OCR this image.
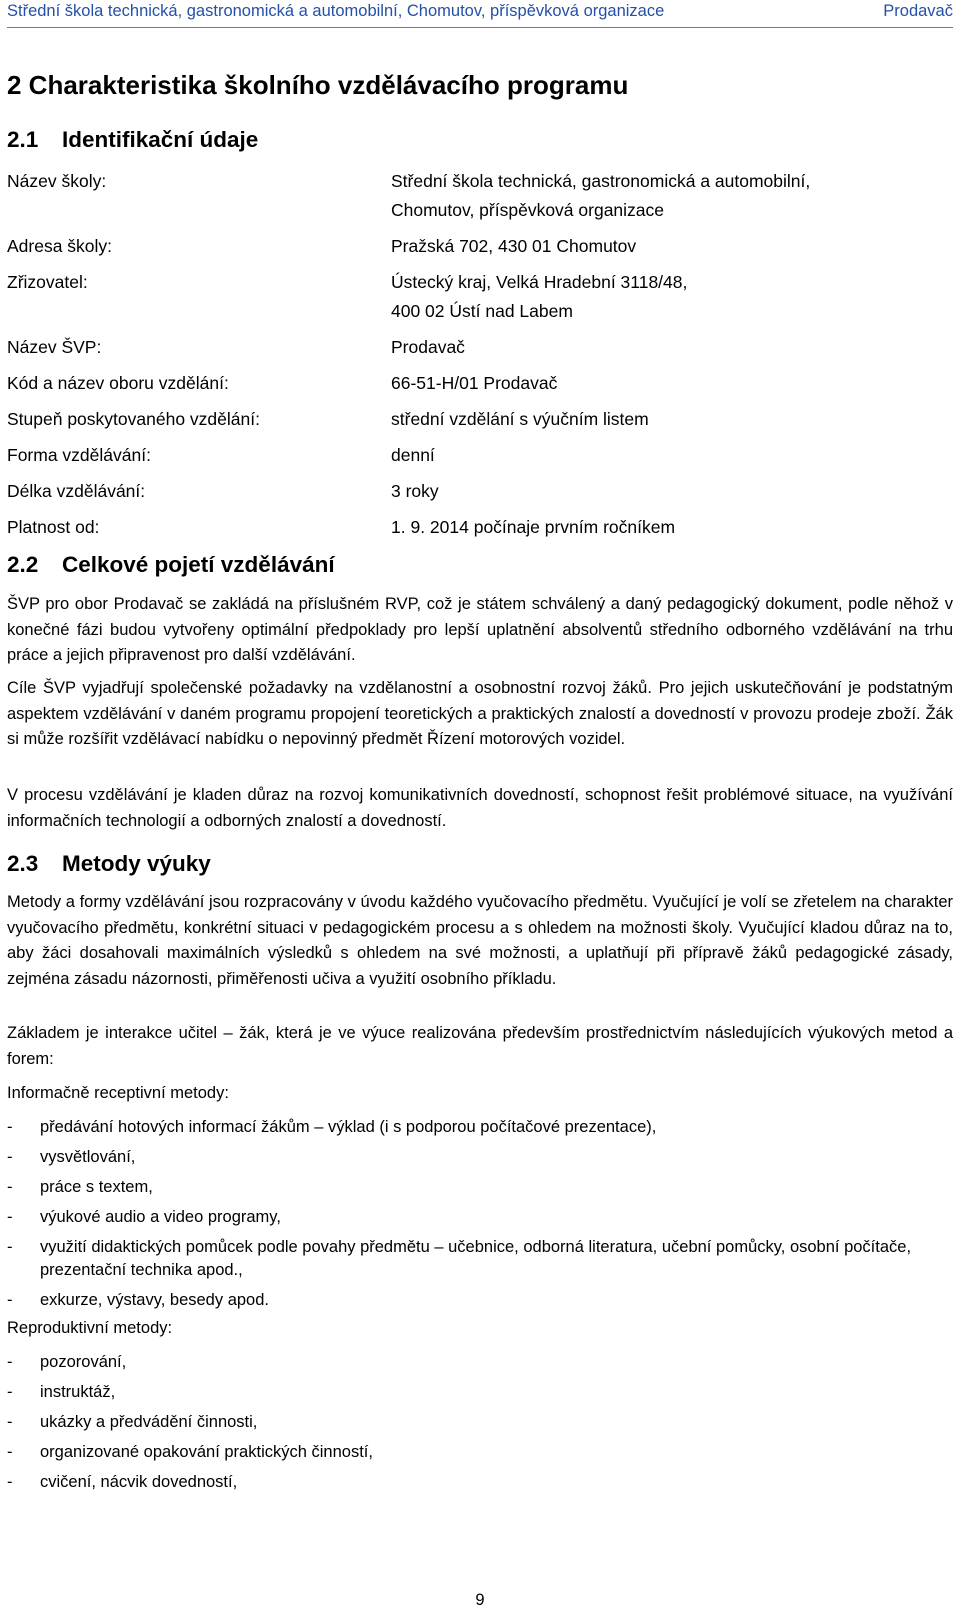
Střední škola technická, gastronomická a automobilní, Chomutov, příspěvková organizace	Prodavač
2 Charakteristika školního vzdělávacího programu
2.1 Identifikační údaje
Název školy:	Střední škola technická, gastronomická a automobilní,
Chomutov, příspěvková organizace
Adresa školy:	Pražská 702, 430 01 Chomutov
Zřizovatel:	Ústecký kraj, Velká Hradební 3118/48,
400 02 Ústí nad Labem
Název ŠVP:	Prodavač
Kód a název oboru vzdělání:	66-51-H/01 Prodavač
Stupeň poskytovaného vzdělání:	střední vzdělání s výučním listem
Forma vzdělávání:	denní
Délka vzdělávání:	3 roky
Platnost od:	1. 9. 2014 počínaje prvním ročníkem
2.2 Celkové pojetí vzdělávání

ŠVP pro obor Prodavač se zakládá na příslušném RVP, což je státem schválený a daný pedagogický dokument, podle něhož v konečné fázi budou vytvořeny optimální předpoklady pro lepší uplatnění absolventů středního odborného vzdělávání na trhu práce a jejich připravenost pro další vzdělávání.

Cíle ŠVP vyjadřují společenské požadavky na vzdělanostní a osobnostní rozvoj žáků. Pro jejich uskutečňování je podstatným aspektem vzdělávání v daném programu propojení teoretických a praktických znalostí a dovedností v provozu prodeje zboží. Žák si může rozšířit vzdělávací nabídku o nepovinný předmět Řízení motorových vozidel.

V procesu vzdělávání je kladen důraz na rozvoj komunikativních dovedností, schopnost řešit problémové situace, na využívání informačních technologií a odborných znalostí a dovedností.

2.3 Metody výuky

Metody a formy vzdělávání jsou rozpracovány v úvodu každého vyučovacího předmětu. Vyučující je volí se zřetelem na charakter vyučovacího předmětu, konkrétní situaci v pedagogickém procesu a s ohledem na možnosti školy. Vyučující kladou důraz na to, aby žáci dosahovali maximálních výsledků s ohledem na své možnosti, a uplatňují při přípravě žáků pedagogické zásady, zejména zásadu názornosti, přiměřenosti učiva a využití osobního příkladu.

Základem je interakce učitel – žák, která je ve výuce realizována především prostřednictvím následujících výukových metod a forem:

Informačně receptivní metody:

- předávání hotových informací žákům – výklad (i s podporou počítačové prezentace),
- vysvětlování,
- práce s textem,
- výukové audio a video programy,
- využití didaktických pomůcek podle povahy předmětu – učebnice, odborná literatura, učební pomůcky, osobní počítače, prezentační technika apod.,
- exkurze, výstavy, besedy apod.

Reproduktivní metody:

- pozorování,
- instruktáž,
- ukázky a předvádění činnosti,
- organizované opakování praktických činností,
- cvičení, nácvik dovedností,
9
